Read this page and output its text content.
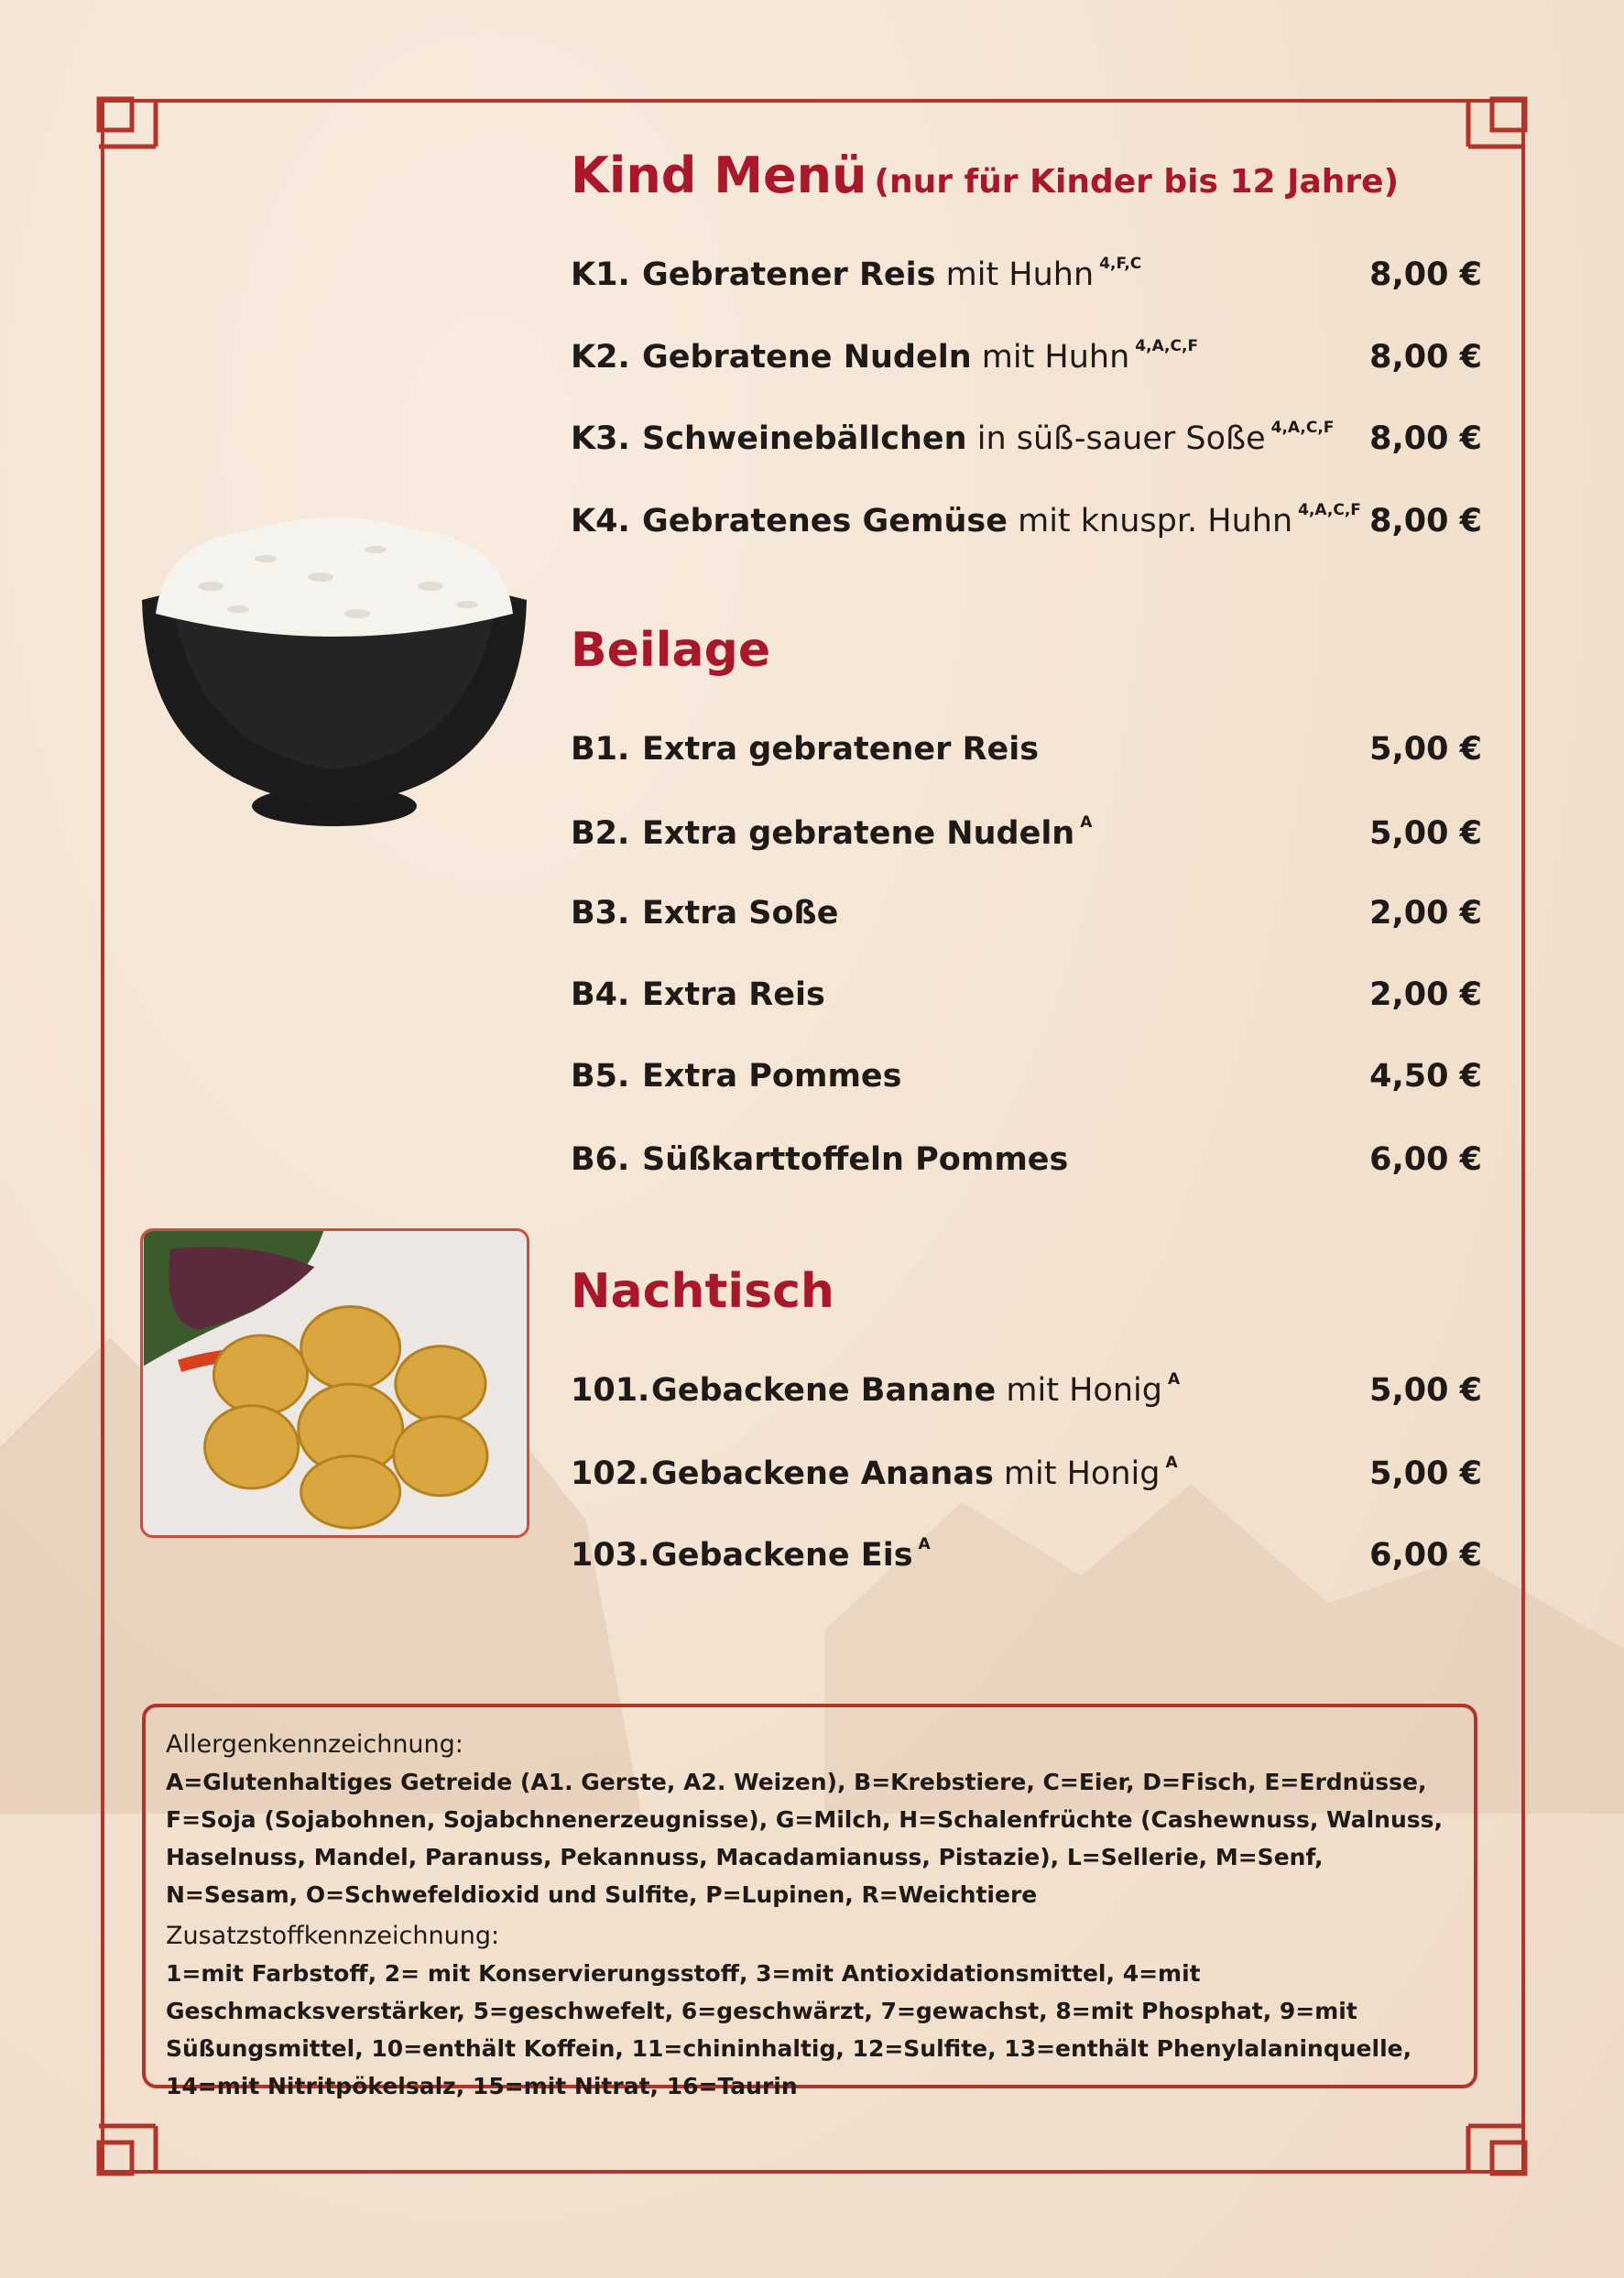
Kind Menü (nur für Kinder bis 12 Jahre)
K1. Gebratener Reis mit Huhn $^{4,F,C}$	8,00 €
K2. Gebratene Nudeln mit Huhn $^{4,A,C,F}$	8,00 €
K3. Schweinebällchen in süß-sauer Soße $^{4,A,C,F}$	8,00 €
K4. Gebratenes Gemüse mit knuspr. Huhn $^{4,A,C,F}$ 8,00 €
Beilage
B1. Extra gebratener Reis	5,00 €
B2. Extra gebratene Nudeln $^A$	5,00 €
B3. Extra Soße	2,00 €
B4. Extra Reis	2,00 €
B5. Extra Pommes	4,50 €
B6. Süßkarttoffeln Pommes	6,00 €
Nachtisch
101. Gebackene Banane mit Honig $^A$	5,00 €
102. Gebackene Ananas mit Honig $^A$	5,00 €
103. Gebackene Eis $^A$	6,00 €

Allergenkennzeichnung:

A=Glutenhaltiges Getreide (A1. Gerste, A2. Weizen), B=Krebstiere, C=Eier, D=Fisch, E=Erdnüsse, F=Soja (Sojabohnen, Sojabchnenerzeugnisse), G=Milch, H=Schalenfrüchte (Cashewnuss, Walnuss, Haselnuss, Mandel, Paranuss, Pekannuss, Macadamianuss, Pistazie), L=Sellerie, M=Senf, N=Sesam, O=Schwefeldioxid und Sulfite, P=Lupinen, R=Weichtiere

Zusatzstoffkennzeichnung:

1=mit Farbstoff, 2= mit Konservierungsstoff, 3=mit Antioxidationsmittel, 4=mit Geschmacksverstärker, 5=geschwefelt, 6=geschwärzt, 7=gewachst, 8=mit Phosphat, 9=mit Süßungsmittel, 10=enthält Koffein, 11=chininhaltig, 12=Sulfite, 13=enthält Phenylalaninquelle, 14=mit Nitritpökelsalz, 15=mit Nitrat, 16=Taurin
